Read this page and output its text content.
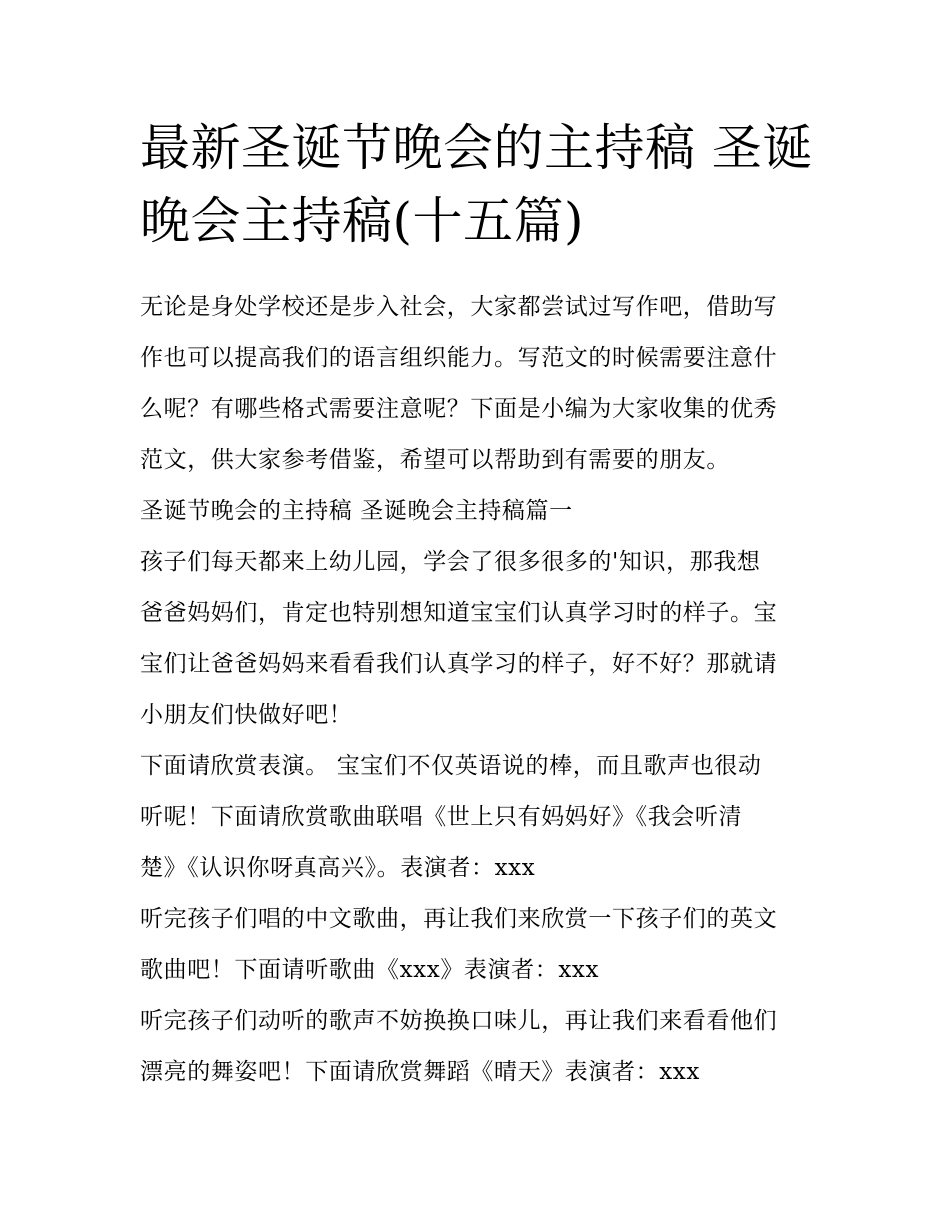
最新圣诞节晚会的主持稿 圣诞
晚会主持稿(十五篇)

无论是身处学校还是步入社会，大家都尝试过写作吧，借助写
作也可以提高我们的语言组织能力。写范文的时候需要注意什
么呢？有哪些格式需要注意呢？下面是小编为大家收集的优秀
范文，供大家参考借鉴，希望可以帮助到有需要的朋友。

圣诞节晚会的主持稿 圣诞晚会主持稿篇一

孩子们每天都来上幼儿园，学会了很多很多的'知识，那我想
爸爸妈妈们，肯定也特别想知道宝宝们认真学习时的样子。宝
宝们让爸爸妈妈来看看我们认真学习的样子，好不好？那就请
小朋友们快做好吧！

下面请欣赏表演。 宝宝们不仅英语说的棒，而且歌声也很动
听呢！下面请欣赏歌曲联唱《世上只有妈妈好》《我会听清
楚》《认识你呀真高兴》。表演者：xxx

听完孩子们唱的中文歌曲，再让我们来欣赏一下孩子们的英文
歌曲吧！下面请听歌曲《xxx》表演者：xxx

听完孩子们动听的歌声不妨换换口味儿，再让我们来看看他们
漂亮的舞姿吧！下面请欣赏舞蹈《晴天》表演者：xxx
